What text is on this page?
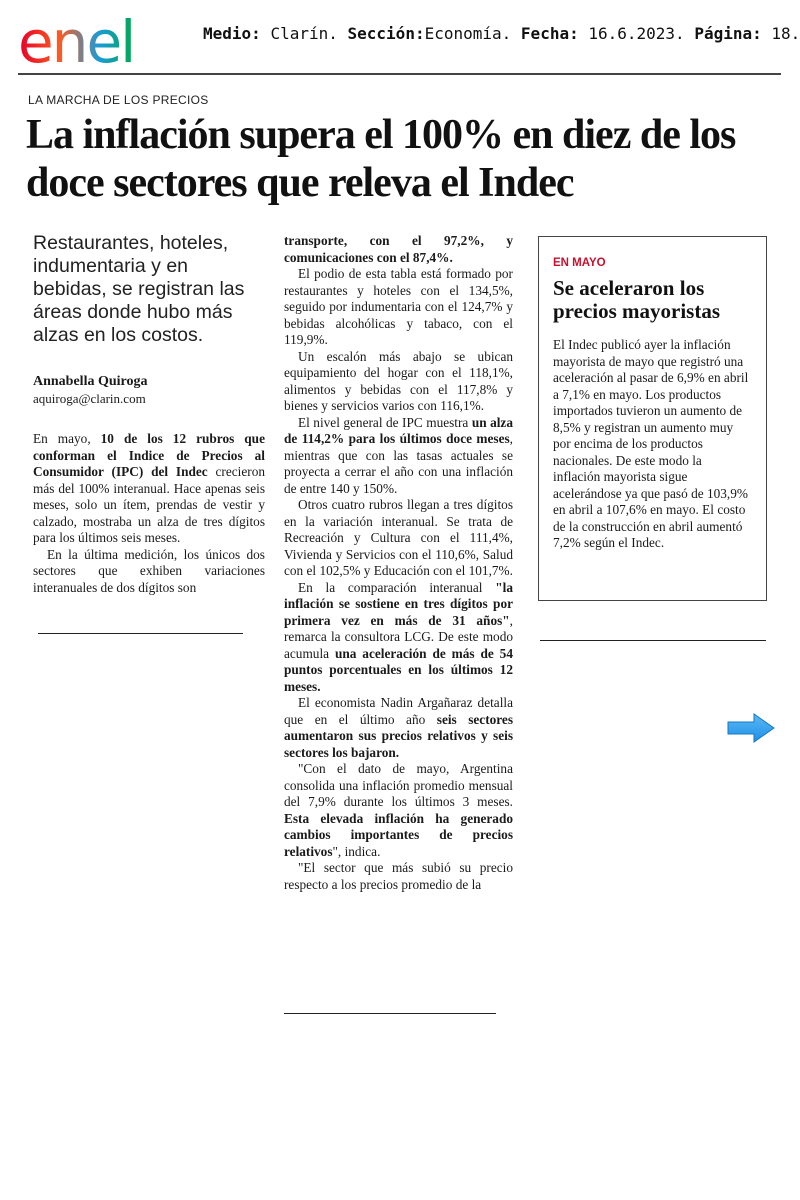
enel	Medio: Clarín. Sección:Economía. Fecha: 16.6.2023. Página: 18.
LA MARCHA DE LOS PRECIOS
La inflación supera el 100% en diez de los doce sectores que releva el Indec

Restaurantes, hoteles, indumentaria y en bebidas, se registran las áreas donde hubo más alzas en los costos.

Annabella Quiroga
aquiroga@clarin.com

En mayo, 10 de los 12 rubros que conforman el Indice de Precios al Consumidor (IPC) del Indec crecieron más del 100% interanual. Hace apenas seis meses, solo un ítem, prendas de vestir y calzado, mostraba un alza de tres dígitos para los últimos seis meses.

En la última medición, los únicos dos sectores que exhiben variaciones interanuales de dos dígitos son

transporte, con el 97,2%, y comunicaciones con el 87,4%.

El podio de esta tabla está formado por restaurantes y hoteles con el 134,5%, seguido por indumentaria con el 124,7% y bebidas alcohólicas y tabaco, con el 119,9%.

Un escalón más abajo se ubican equipamiento del hogar con el 118,1%, alimentos y bebidas con el 117,8% y bienes y servicios varios con 116,1%.

El nivel general de IPC muestra un alza de 114,2% para los últimos doce meses, mientras que con las tasas actuales se proyecta a cerrar el año con una inflación de entre 140 y 150%.

Otros cuatro rubros llegan a tres dígitos en la variación interanual. Se trata de Recreación y Cultura con el 111,4%, Vivienda y Servicios con el 110,6%, Salud con el 102,5% y Educación con el 101,7%.

En la comparación interanual "la inflación se sostiene en tres dígitos por primera vez en más de 31 años", remarca la consultora LCG. De este modo acumula una aceleración de más de 54 puntos porcentuales en los últimos 12 meses.

El economista Nadin Argañaraz detalla que en el último año seis sectores aumentaron sus precios relativos y seis sectores los bajaron.

"Con el dato de mayo, Argentina consolida una inflación promedio mensual del 7,9% durante los últimos 3 meses. Esta elevada inflación ha generado cambios importantes de precios relativos", indica.

"El sector que más subió su precio respecto a los precios promedio de la

EN MAYO
Se aceleraron los precios mayoristas
El Indec publicó ayer la inflación mayorista de mayo que registró una aceleración al pasar de 6,9% en abril a 7,1% en mayo. Los productos importados tuvieron un aumento de 8,5% y registran un aumento muy por encima de los productos nacionales. De este modo la inflación mayorista sigue acelerándose ya que pasó de 103,9% en abril a 107,6% en mayo. El costo de la construcción en abril aumentó 7,2% según el Indec.
